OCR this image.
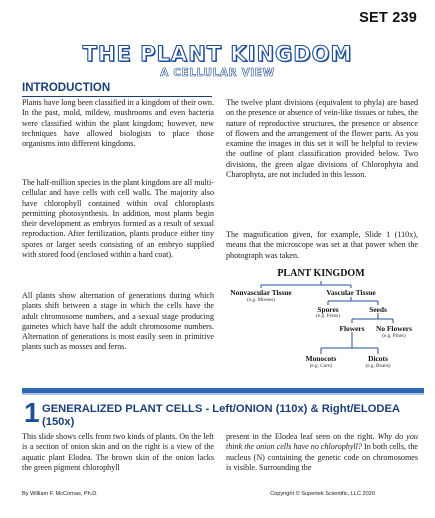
SET 239
THE PLANT KINGDOM
A CELLULAR VIEW
INTRODUCTION
Plants have long been classified in a kingdom of their own. In the past, mold, mildew, mushrooms and even bacteria were classified within the plant kingdom; however, new techniques have allowed biologists to place those organisms into different kingdoms.
The half-million species in the plant kingdom are all multi-cellular and have cells with cell walls. The majority also have chlorophyll contained within oval chloroplasts permitting photosynthesis. In addition, most plants begin their development as embryos formed as a result of sexual reproduction. After fertilization, plants produce either tiny spores or larger seeds consisting of an embryo supplied with stored food (enclosed within a hard coat).
All plants show alternation of generations during which plants shift between a stage in which the cells have the adult chromosome numbers, and a sexual stage producing gametes which have half the adult chromosome numbers. Alternation of generations is most easily seen in primitive plants such as mosses and ferns.
The twelve plant divisions (equivalent to phyla) are based on the presence or absence of vein-like tissues or tubes, the nature of reproductive structures, the presence or absence of flowers and the arrangement of the flower parts. As you examine the images in this set it will be helpful to review the outline of plant classification provided below. Two divisions, the green algae divisions of Chlorophyta and Charophyta, are not included in this lesson.
The magnification given, for example, Slide 1 (110x), means that the microscope was set at that power when the photograph was taken.
PLANT KINGDOM
Nonvascular Tissue
(e.g. Mosses)
Vascular Tissue
Spores
(e.g. Ferns)
Seeds
Flowers	No Flowers
(e.g. Pines)
Monocots
(e.g. Corn)
Dicots
(e.g. Beans)
1 GENERALIZED PLANT CELLS - Left/ONION (110x) & Right/ELODEA (150x)
This slide shows cells from two kinds of plants. On the left is a section of onion skin and on the right is a view of the aquatic plant Elodea. The brown skin of the onion lacks the green pigment chlorophyll
present in the Elodea leaf seen on the right. Why do you think the onion cells have no chlorophyll? In both cells, the nucleus (N) containing the genetic code on chromosomes is visible. Surrounding the
By William F. McComas, Ph.D.	Copyright © Supertek Scientific, LLC 2020
